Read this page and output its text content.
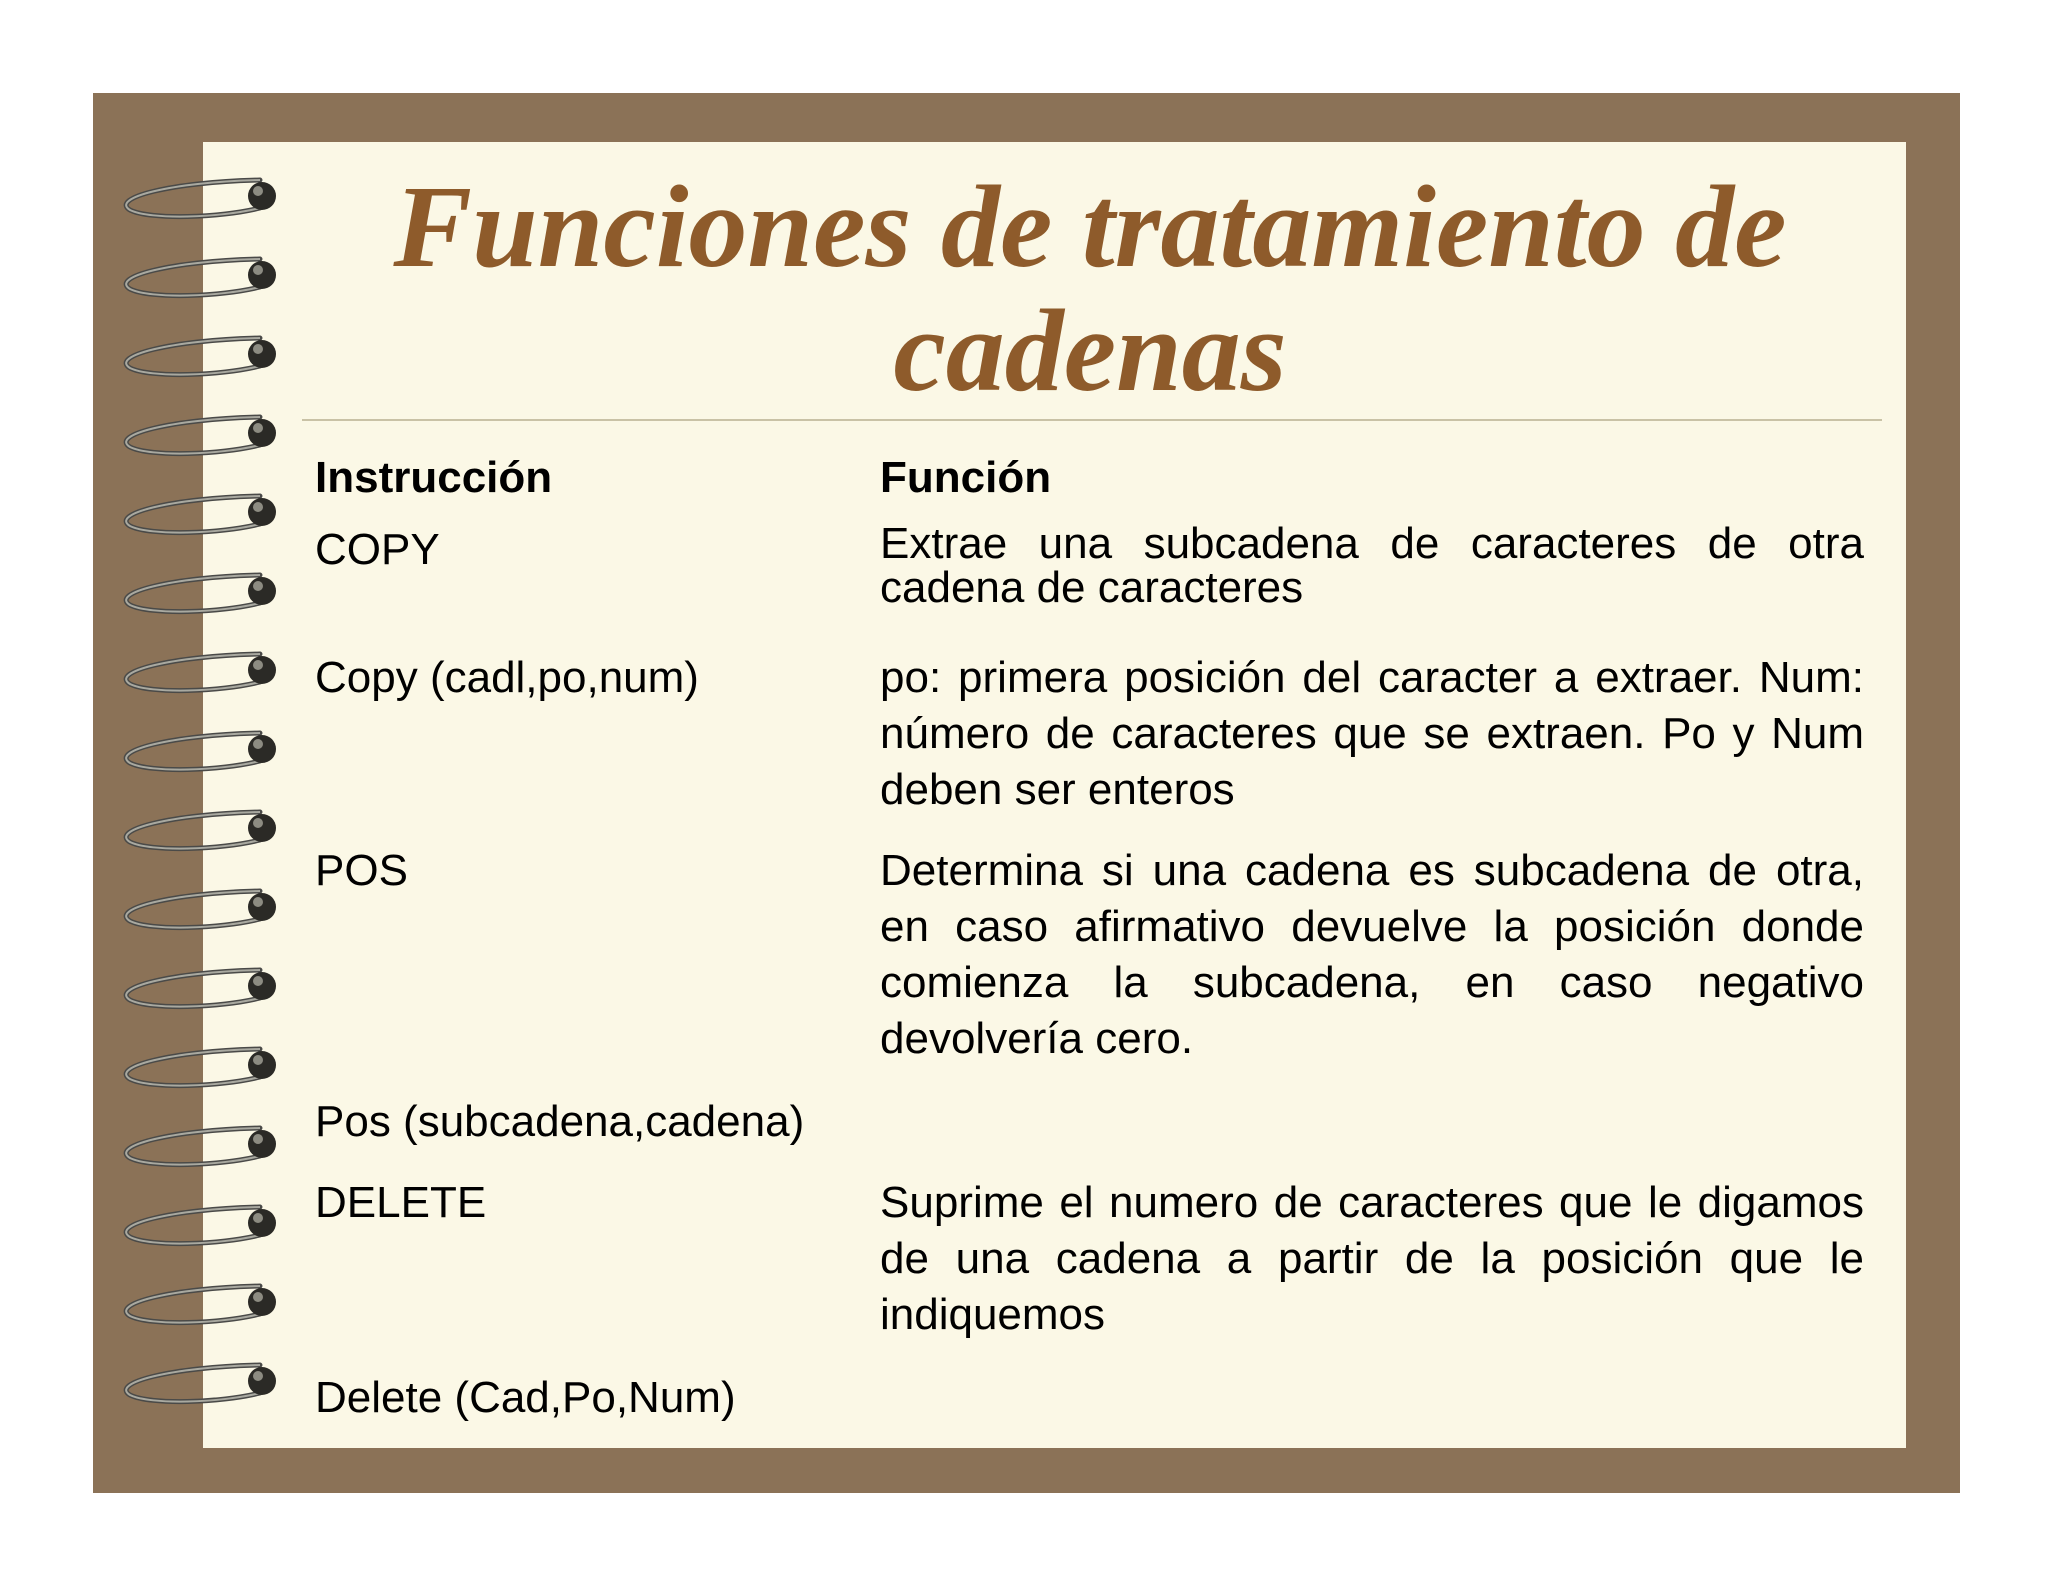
Funciones de tratamiento de
cadenas
Instrucción	Función
COPY	Extrae una subcadena de caracteres de otra cadena de caracteres
Copy (cadl,po,num)	po: primera posición del caracter a extraer. Num: número de caracteres que se extraen. Po y Num deben ser enteros
POS	Determina si una cadena es subcadena de otra, en caso afirmativo devuelve la posición donde comienza la subcadena, en caso negativo devolvería cero.
Pos (subcadena,cadena)
DELETE	Suprime el numero de caracteres que le digamos de una cadena a partir de la posición que le indiquemos
Delete (Cad,Po,Num)
